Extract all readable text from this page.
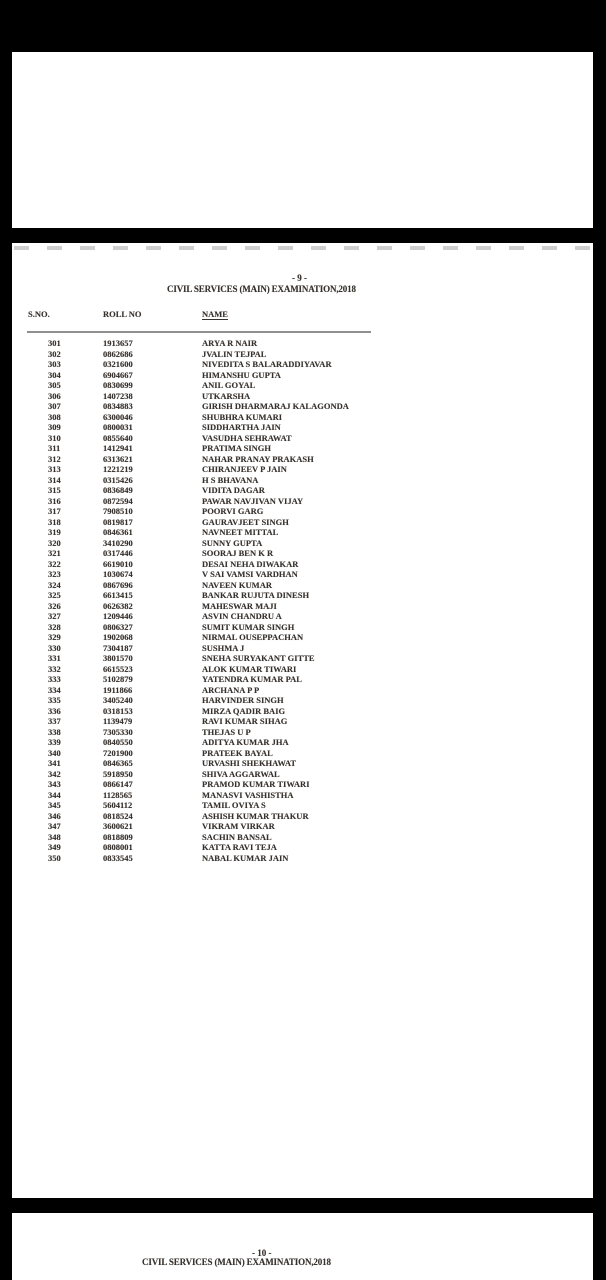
- 9 -
CIVIL SERVICES (MAIN) EXAMINATION,2018
S.NO.	ROLL NO	NAME
301	1913657	ARYA R NAIR
302	0862686	JVALIN TEJPAL
303	0321600	NIVEDITA S BALARADDIYAVAR
304	6904667	HIMANSHU GUPTA
305	0830699	ANIL GOYAL
306	1407238	UTKARSHA
307	0834883	GIRISH DHARMARAJ KALAGONDA
308	6300046	SHUBHRA KUMARI
309	0800031	SIDDHARTHA JAIN
310	0855640	VASUDHA SEHRAWAT
311	1412941	PRATIMA SINGH
312	6313621	NAHAR PRANAY PRAKASH
313	1221219	CHIRANJEEV P JAIN
314	0315426	H S BHAVANA
315	0836849	VIDITA DAGAR
316	0872594	PAWAR NAVJIVAN VIJAY
317	7908510	POORVI GARG
318	0819817	GAURAVJEET SINGH
319	0846361	NAVNEET MITTAL
320	3410290	SUNNY GUPTA
321	0317446	SOORAJ BEN K R
322	6619010	DESAI NEHA DIWAKAR
323	1030674	V SAI VAMSI VARDHAN
324	0867696	NAVEEN KUMAR
325	6613415	BANKAR RUJUTA DINESH
326	0626382	MAHESWAR MAJI
327	1209446	ASVIN CHANDRU A
328	0806327	SUMIT KUMAR SINGH
329	1902068	NIRMAL OUSEPPACHAN
330	7304187	SUSHMA J
331	3801570	SNEHA SURYAKANT GITTE
332	6615523	ALOK KUMAR TIWARI
333	5102879	YATENDRA KUMAR PAL
334	1911866	ARCHANA P P
335	3405240	HARVINDER SINGH
336	0318153	MIRZA QADIR BAIG
337	1139479	RAVI KUMAR SIHAG
338	7305330	THEJAS U P
339	0840550	ADITYA KUMAR JHA
340	7201900	PRATEEK BAYAL
341	0846365	URVASHI SHEKHAWAT
342	5918950	SHIVA AGGARWAL
343	0866147	PRAMOD KUMAR TIWARI
344	1128565	MANASVI VASHISTHA
345	5604112	TAMIL OVIYA S
346	0818524	ASHISH KUMAR THAKUR
347	3600621	VIKRAM VIRKAR
348	0818809	SACHIN BANSAL
349	0808001	KATTA RAVI TEJA
350	0833545	NABAL KUMAR JAIN
- 10 -
CIVIL SERVICES (MAIN) EXAMINATION,2018
